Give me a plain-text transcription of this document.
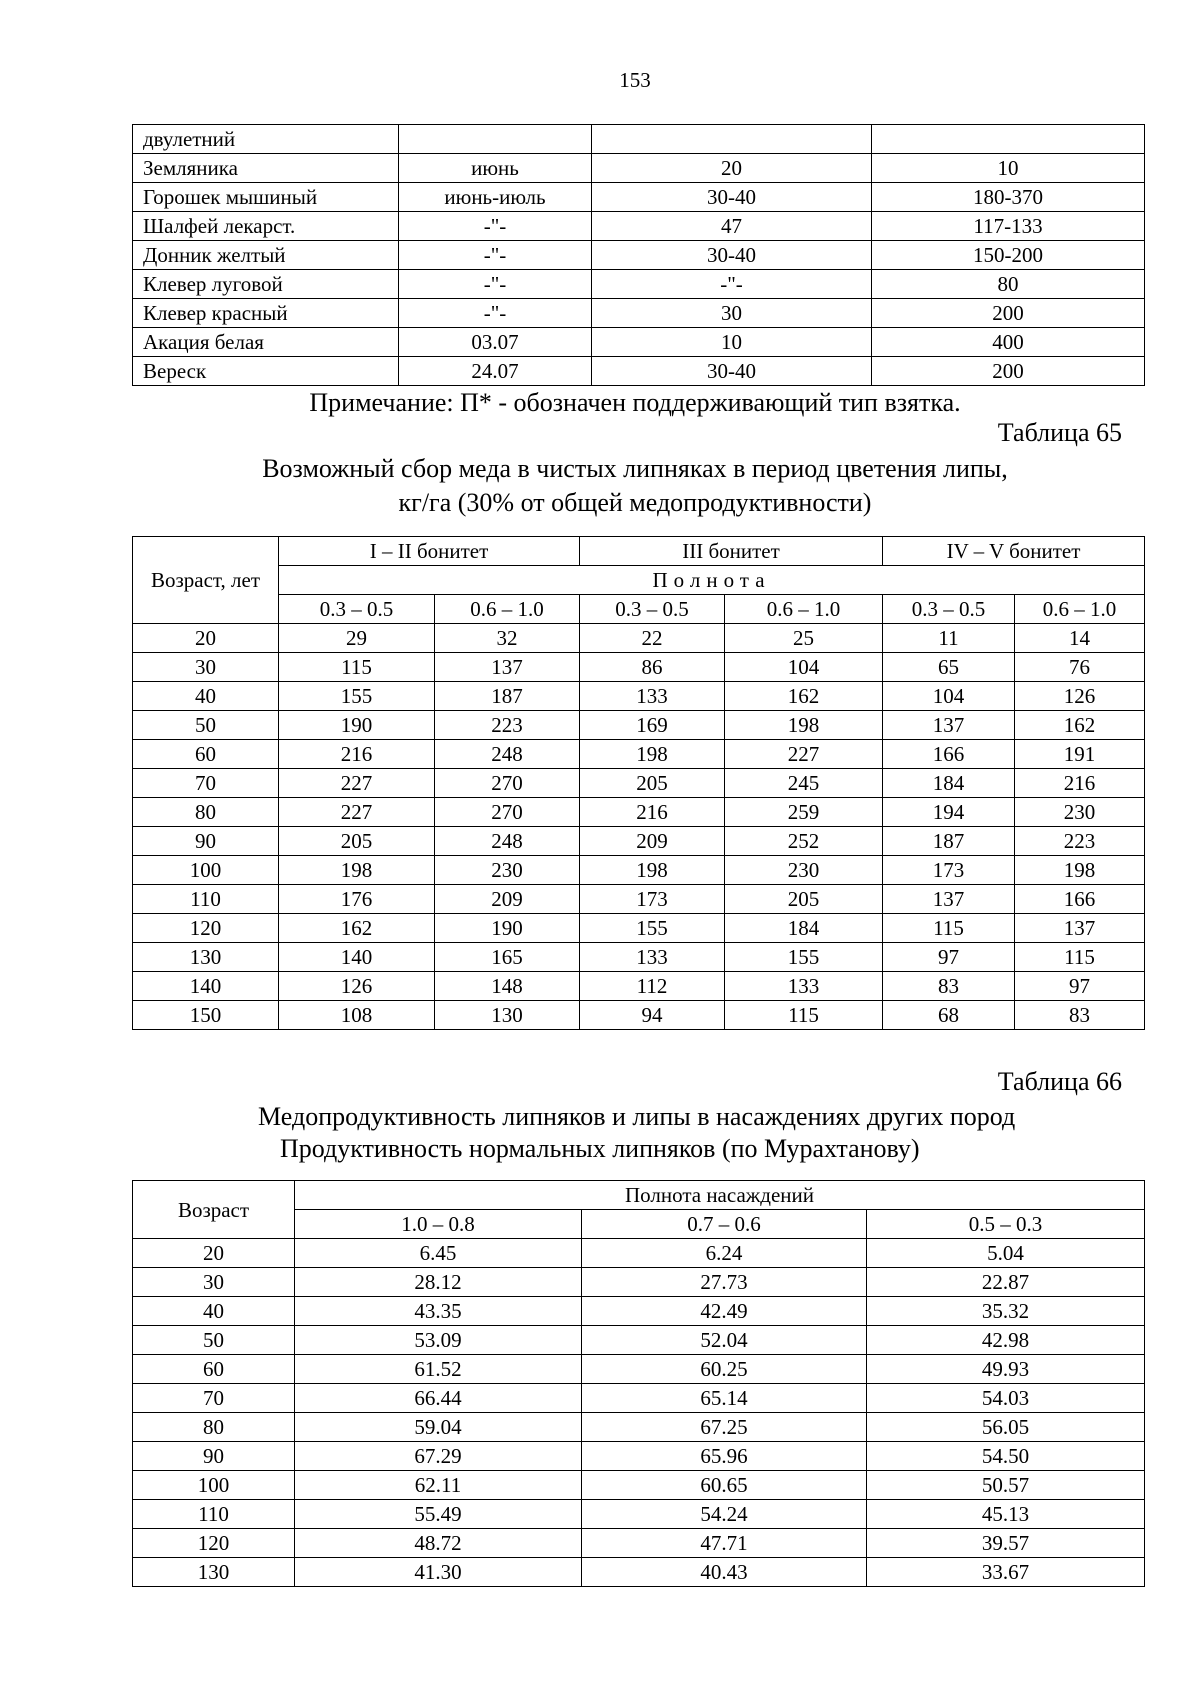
153
двулетний			
Земляника	июнь	20	10
Горошек мышиный	июнь-июль	30-40	180-370
Шалфей лекарст.	-"-	47	117-133
Донник желтый	-"-	30-40	150-200
Клевер луговой	-"-	-"-	80
Клевер красный	-"-	30	200
Акация белая	03.07	10	400
Вереск	24.07	30-40	200
Примечание: П* - обозначен поддерживающий тип взятка.
Таблица 65
Возможный сбор меда в чистых липняках в период цветения липы,
кг/га (30% от общей медопродуктивности)
Возраст, лет	I – II бонитет		III бонитет		IV – V бонитет	
	Полнота					
	0.3 – 0.5	0.6 – 1.0	0.3 – 0.5	0.6 – 1.0	0.3 – 0.5	0.6 – 1.0
20	29	32	22	25	11	14
30	115	137	86	104	65	76
40	155	187	133	162	104	126
50	190	223	169	198	137	162
60	216	248	198	227	166	191
70	227	270	205	245	184	216
80	227	270	216	259	194	230
90	205	248	209	252	187	223
100	198	230	198	230	173	198
110	176	209	173	205	137	166
120	162	190	155	184	115	137
130	140	165	133	155	97	115
140	126	148	112	133	83	97
150	108	130	94	115	68	83
Таблица 66
Медопродуктивность липняков и липы в насаждениях других пород
Продуктивность нормальных липняков (по Мурахтанову)
Возраст	Полнота насаждений		
	1.0 – 0.8	0.7 – 0.6	0.5 – 0.3
20	6.45	6.24	5.04
30	28.12	27.73	22.87
40	43.35	42.49	35.32
50	53.09	52.04	42.98
60	61.52	60.25	49.93
70	66.44	65.14	54.03
80	59.04	67.25	56.05
90	67.29	65.96	54.50
100	62.11	60.65	50.57
110	55.49	54.24	45.13
120	48.72	47.71	39.57
130	41.30	40.43	33.67
